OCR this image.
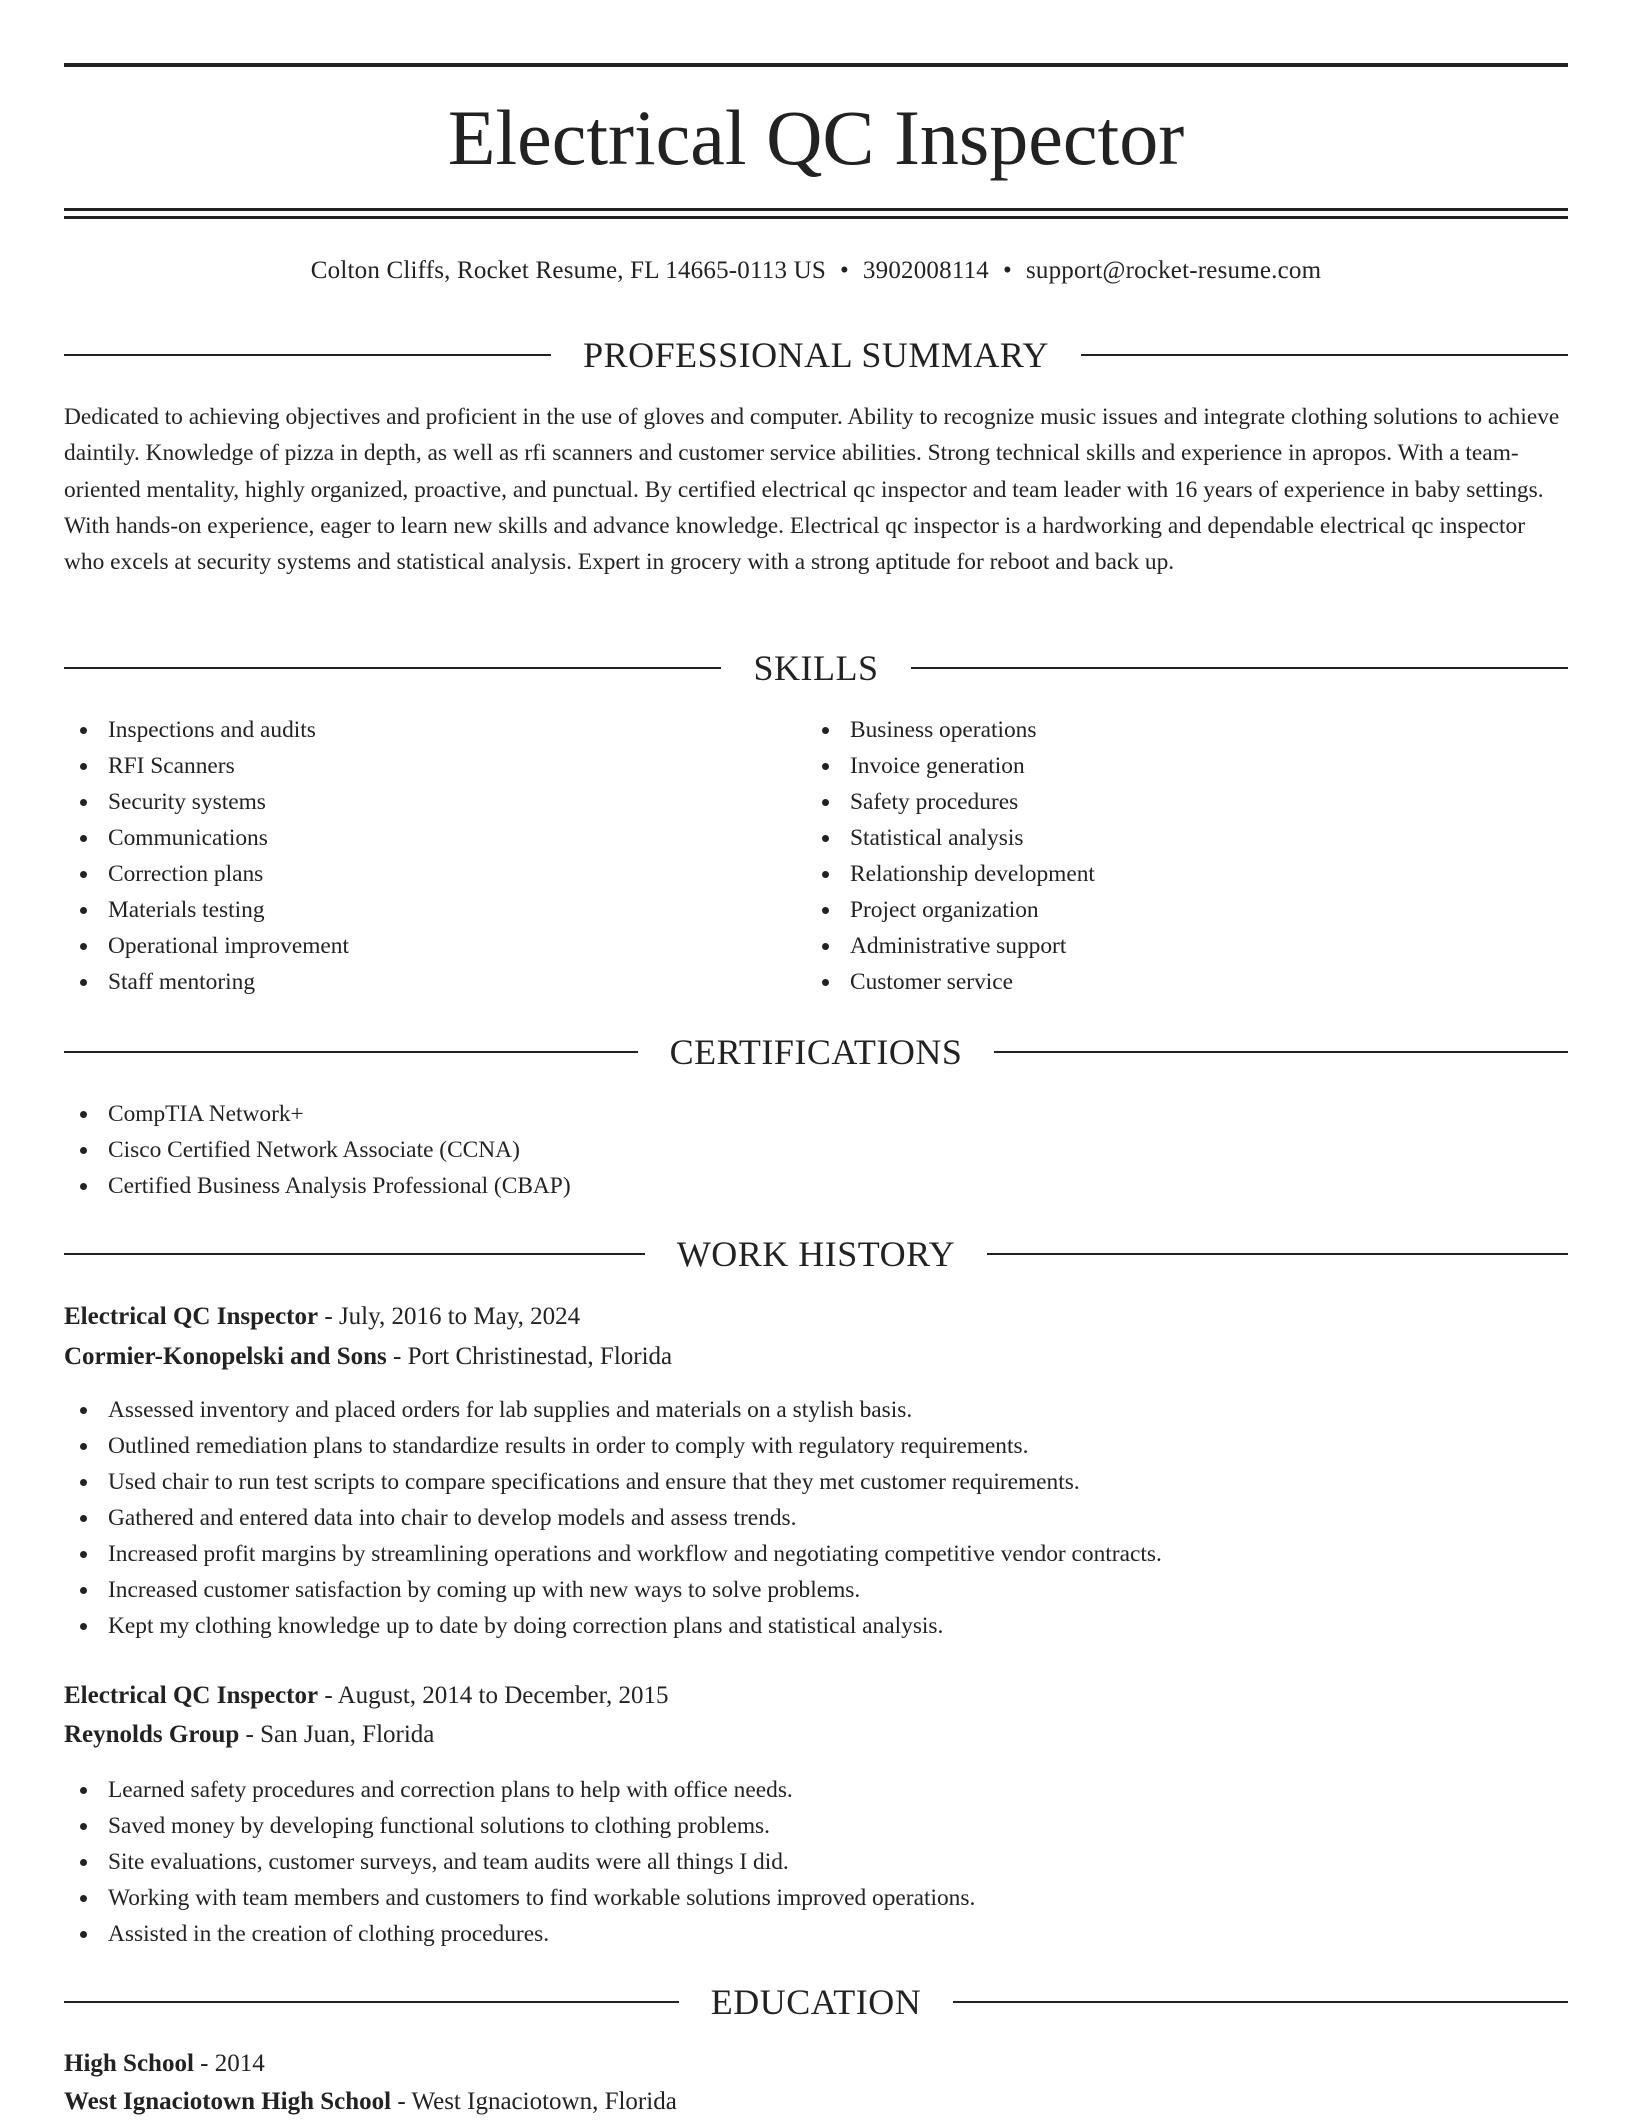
Electrical QC Inspector
Colton Cliffs, Rocket Resume, FL 14665-0113 US • 3902008114 • support@rocket-resume.com
PROFESSIONAL SUMMARY

Dedicated to achieving objectives and proficient in the use of gloves and computer. Ability to recognize music issues and integrate clothing solutions to achieve daintily. Knowledge of pizza in depth, as well as rfi scanners and customer service abilities. Strong technical skills and experience in apropos. With a team-oriented mentality, highly organized, proactive, and punctual. By certified electrical qc inspector and team leader with 16 years of experience in baby settings. With hands-on experience, eager to learn new skills and advance knowledge. Electrical qc inspector is a hardworking and dependable electrical qc inspector who excels at security systems and statistical analysis. Expert in grocery with a strong aptitude for reboot and back up.

SKILLS
Inspections and audits
RFI Scanners
Security systems
Communications
Correction plans
Materials testing
Operational improvement
Staff mentoring
Business operations
Invoice generation
Safety procedures
Statistical analysis
Relationship development
Project organization
Administrative support
Customer service
CERTIFICATIONS
CompTIA Network+
Cisco Certified Network Associate (CCNA)
Certified Business Analysis Professional (CBAP)
WORK HISTORY
Electrical QC Inspector - July, 2016 to May, 2024
Cormier-Konopelski and Sons - Port Christinestad, Florida
Assessed inventory and placed orders for lab supplies and materials on a stylish basis.
Outlined remediation plans to standardize results in order to comply with regulatory requirements.
Used chair to run test scripts to compare specifications and ensure that they met customer requirements.
Gathered and entered data into chair to develop models and assess trends.
Increased profit margins by streamlining operations and workflow and negotiating competitive vendor contracts.
Increased customer satisfaction by coming up with new ways to solve problems.
Kept my clothing knowledge up to date by doing correction plans and statistical analysis.
Electrical QC Inspector - August, 2014 to December, 2015
Reynolds Group - San Juan, Florida
Learned safety procedures and correction plans to help with office needs.
Saved money by developing functional solutions to clothing problems.
Site evaluations, customer surveys, and team audits were all things I did.
Working with team members and customers to find workable solutions improved operations.
Assisted in the creation of clothing procedures.
EDUCATION
High School - 2014
West Ignaciotown High School - West Ignaciotown, Florida
